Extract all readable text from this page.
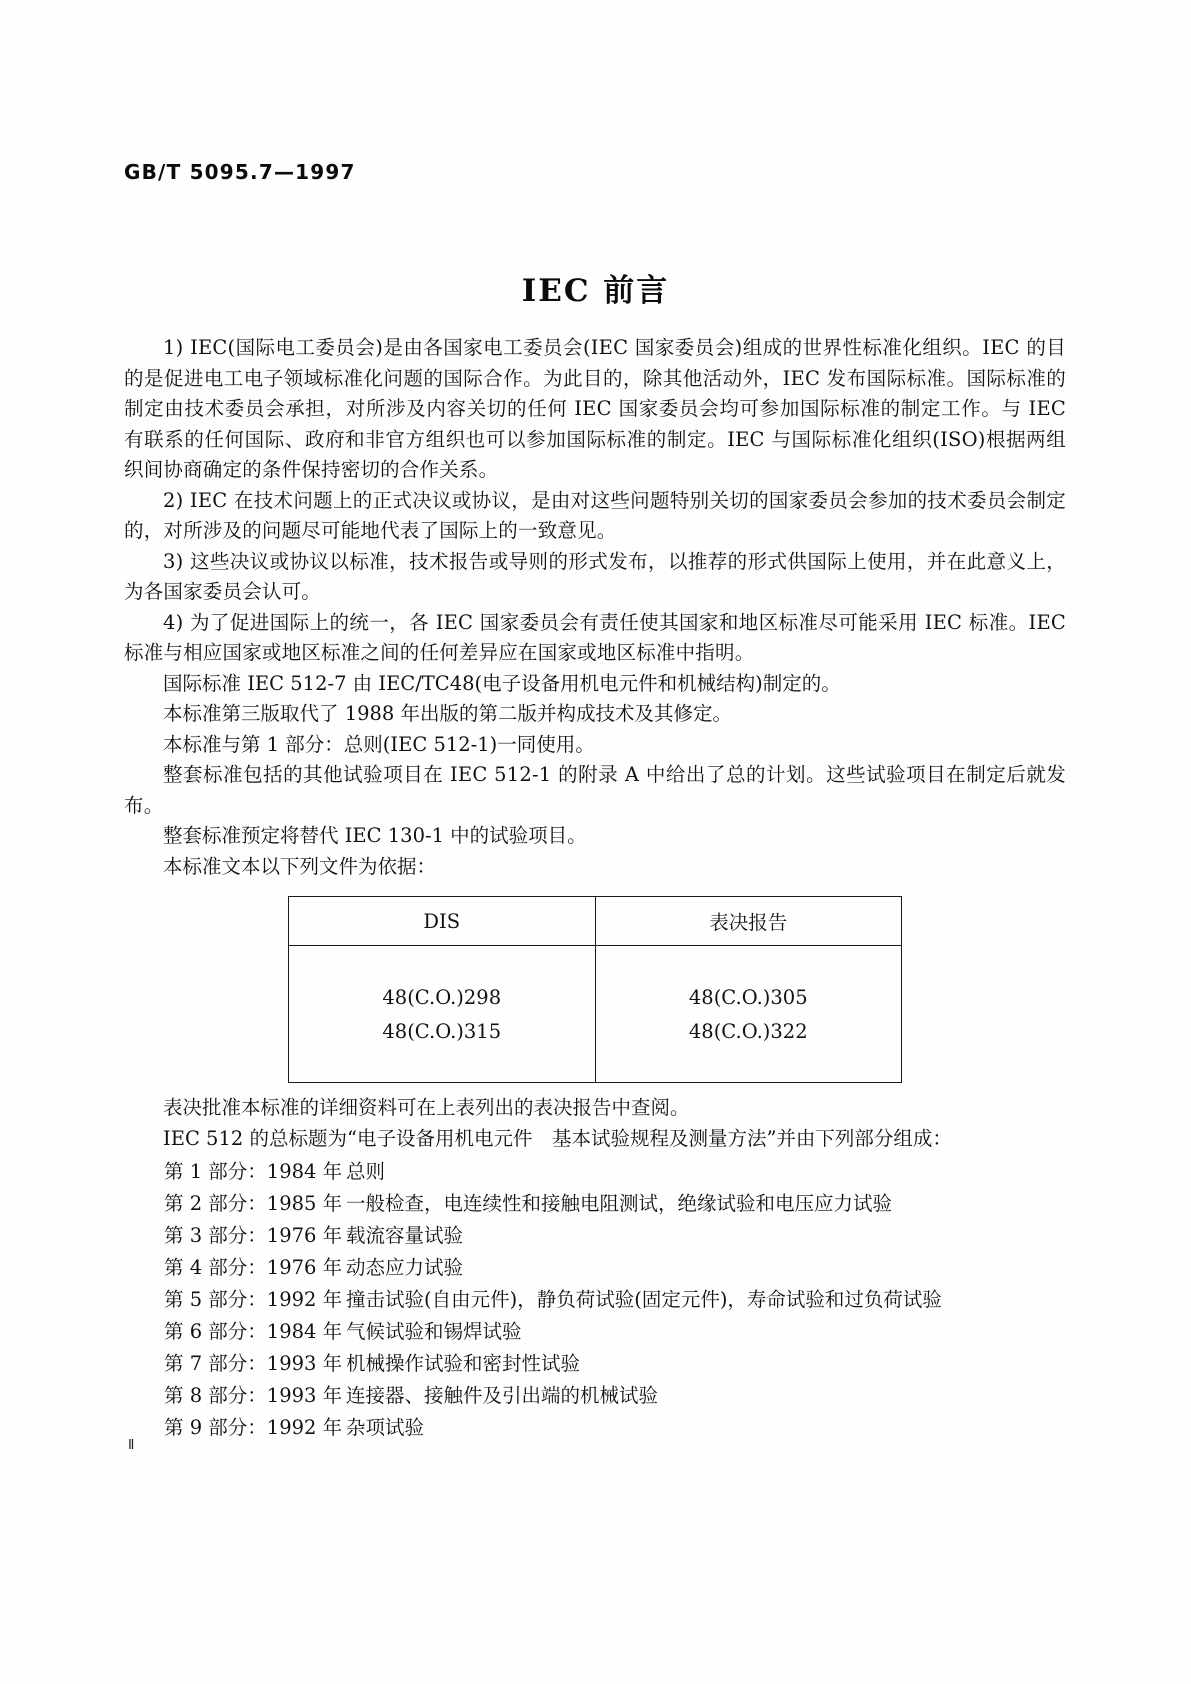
GB/T 5095.7—1997
IEC 前言

1) IEC(国际电工委员会)是由各国家电工委员会(IEC 国家委员会)组成的世界性标准化组织。IEC 的目的是促进电工电子领域标准化问题的国际合作。为此目的，除其他活动外，IEC 发布国际标准。国际标准的制定由技术委员会承担，对所涉及内容关切的任何 IEC 国家委员会均可参加国际标准的制定工作。与 IEC 有联系的任何国际、政府和非官方组织也可以参加国际标准的制定。IEC 与国际标准化组织(ISO)根据两组织间协商确定的条件保持密切的合作关系。

2) IEC 在技术问题上的正式决议或协议，是由对这些问题特别关切的国家委员会参加的技术委员会制定的，对所涉及的问题尽可能地代表了国际上的一致意见。

3) 这些决议或协议以标准，技术报告或导则的形式发布，以推荐的形式供国际上使用，并在此意义上，为各国家委员会认可。

4) 为了促进国际上的统一，各 IEC 国家委员会有责任使其国家和地区标准尽可能采用 IEC 标准。IEC 标准与相应国家或地区标准之间的任何差异应在国家或地区标准中指明。

国际标准 IEC 512-7 由 IEC/TC48(电子设备用机电元件和机械结构)制定的。

本标准第三版取代了 1988 年出版的第二版并构成技术及其修定。

本标准与第 1 部分：总则(IEC 512-1)一同使用。

整套标准包括的其他试验项目在 IEC 512-1 的附录 A 中给出了总的计划。这些试验项目在制定后就发布。

整套标准预定将替代 IEC 130-1 中的试验项目。

本标准文本以下列文件为依据：

DIS	表决报告

48(C.O.)298	48(C.O.)305
48(C.O.)315	48(C.O.)322

表决批准本标准的详细资料可在上表列出的表决报告中查阅。

IEC 512 的总标题为“电子设备用机电元件　基本试验规程及测量方法”并由下列部分组成：

第 1 部分：1984 年 总则
第 2 部分：1985 年 一般检查，电连续性和接触电阻测试，绝缘试验和电压应力试验
第 3 部分：1976 年 载流容量试验
第 4 部分：1976 年 动态应力试验
第 5 部分：1992 年 撞击试验(自由元件)，静负荷试验(固定元件)，寿命试验和过负荷试验
第 6 部分：1984 年 气候试验和锡焊试验
第 7 部分：1993 年 机械操作试验和密封性试验
第 8 部分：1993 年 连接器、接触件及引出端的机械试验
第 9 部分：1992 年 杂项试验
Ⅱ
